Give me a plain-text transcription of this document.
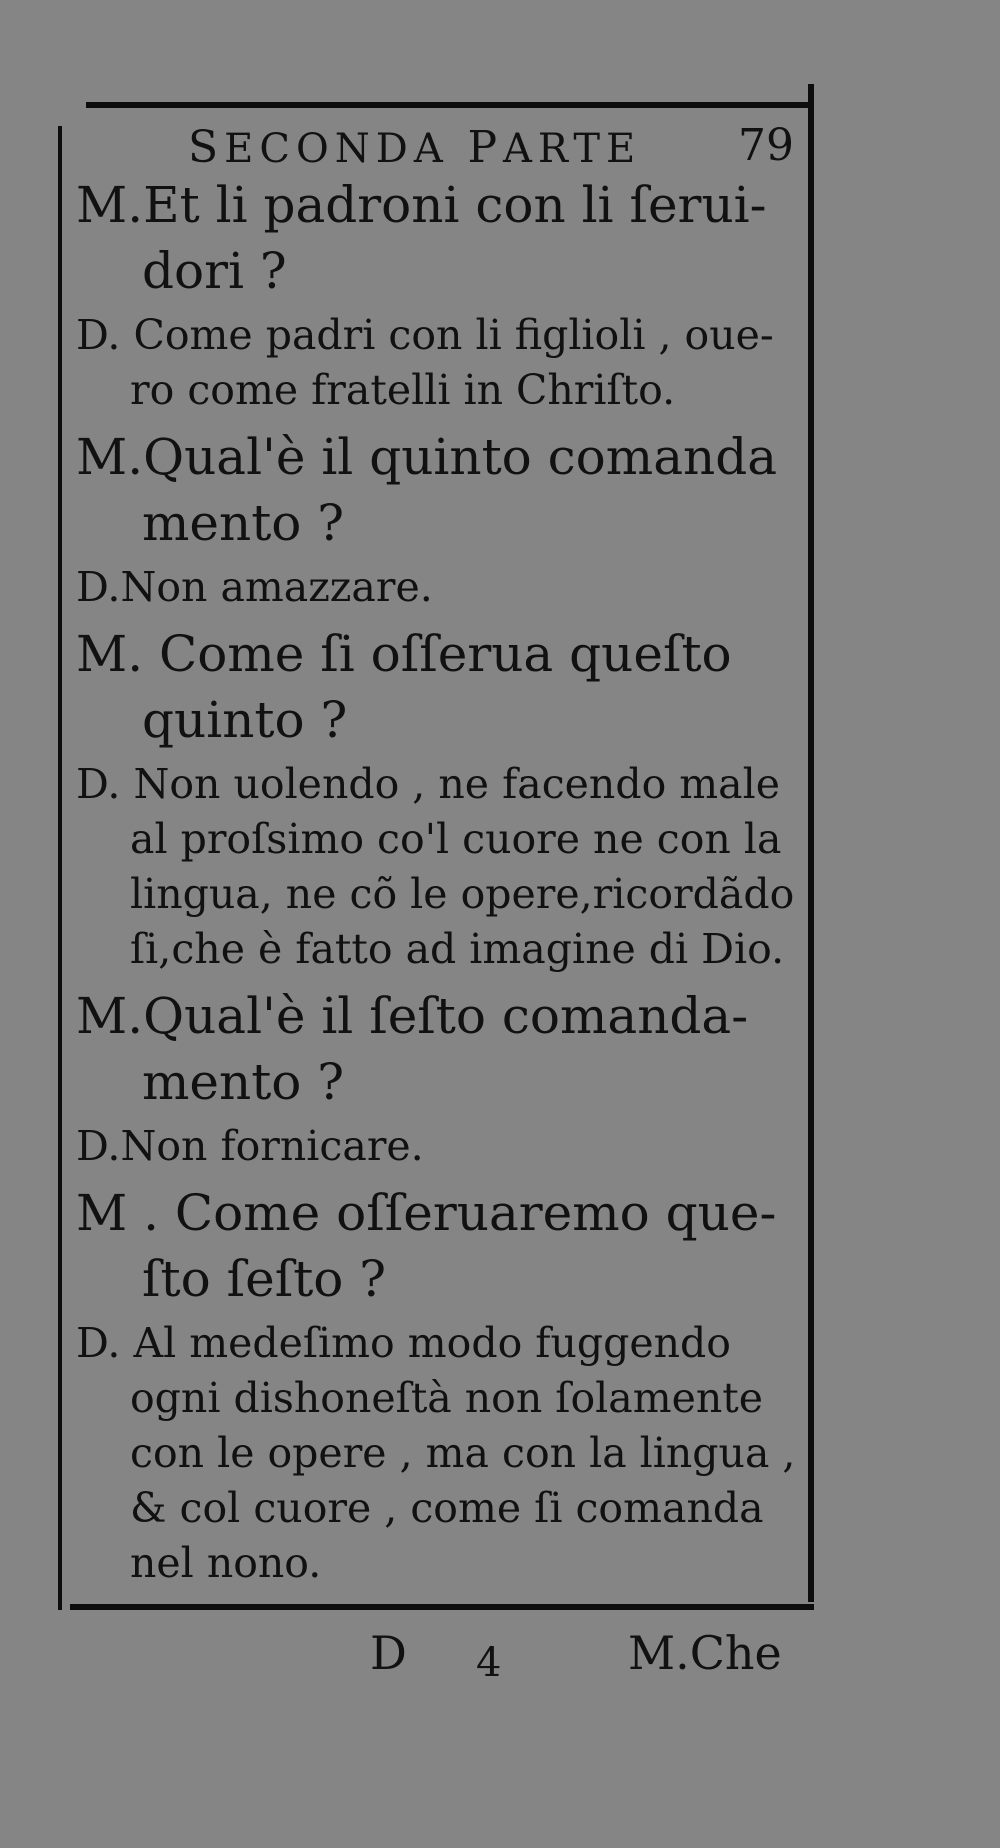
SECONDA PARTE 79

M.Et li padroni con li ſerui-

dori ?

D. Come padri con li figlioli , oue-

ro come fratelli in Chriſto.

M.Qual'è il quinto comanda

mento ?

D.Non amazzare.

M. Come ſi oſſerua queſto

quinto ?

D. Non uolendo , ne facendo male

al proſsimo co'l cuore ne con la

lingua, ne cõ le opere,ricordãdo

ſi,che è fatto ad imagine di Dio.

M.Qual'è il ſeſto comanda-

mento ?

D.Non fornicare.

M . Come oſſeruaremo que-

ſto ſeſto ?

D. Al medeſimo modo fuggendo

ogni dishoneſtà non ſolamente

con le opere , ma con la lingua ,

& col cuore , come ſi comanda

nel nono.

D 4	M.Che
